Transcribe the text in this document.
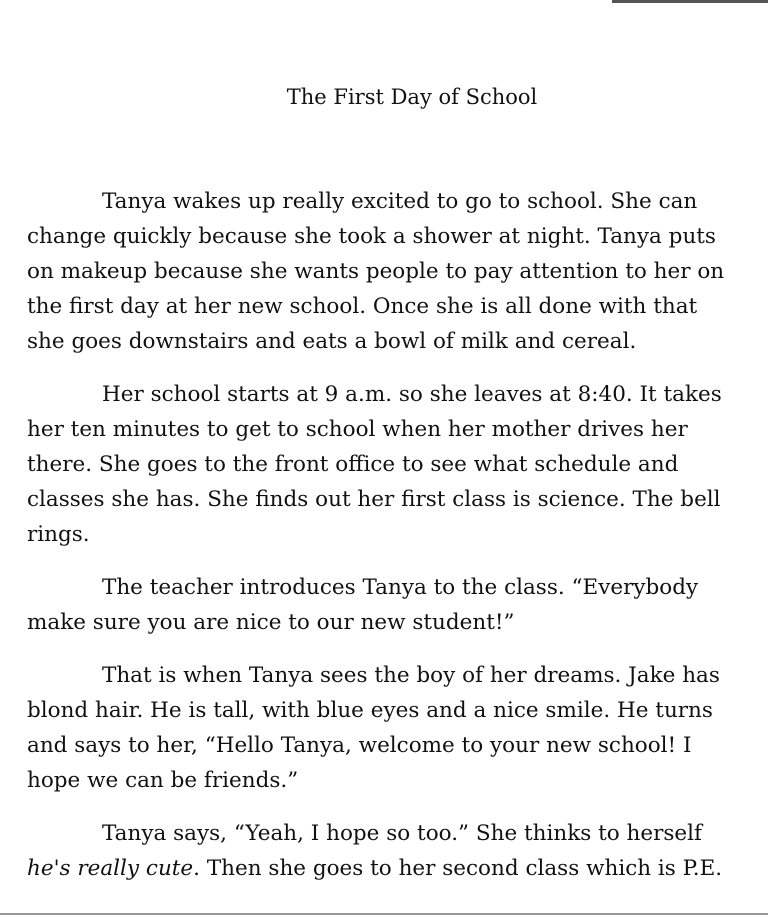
The First Day of School

Tanya wakes up really excited to go to school. She can change quickly because she took a shower at night. Tanya puts on makeup because she wants people to pay attention to her on the first day at her new school. Once she is all done with that she goes downstairs and eats a bowl of milk and cereal.

Her school starts at 9 a.m. so she leaves at 8:40. It takes her ten minutes to get to school when her mother drives her there. She goes to the front office to see what schedule and classes she has. She finds out her first class is science. The bell rings.

The teacher introduces Tanya to the class. “Everybody make sure you are nice to our new student!”

That is when Tanya sees the boy of her dreams. Jake has blond hair. He is tall, with blue eyes and a nice smile. He turns and says to her, “Hello Tanya, welcome to your new school! I hope we can be friends.”

Tanya says, “Yeah, I hope so too.” She thinks to herself he's really cute. Then she goes to her second class which is P.E.
